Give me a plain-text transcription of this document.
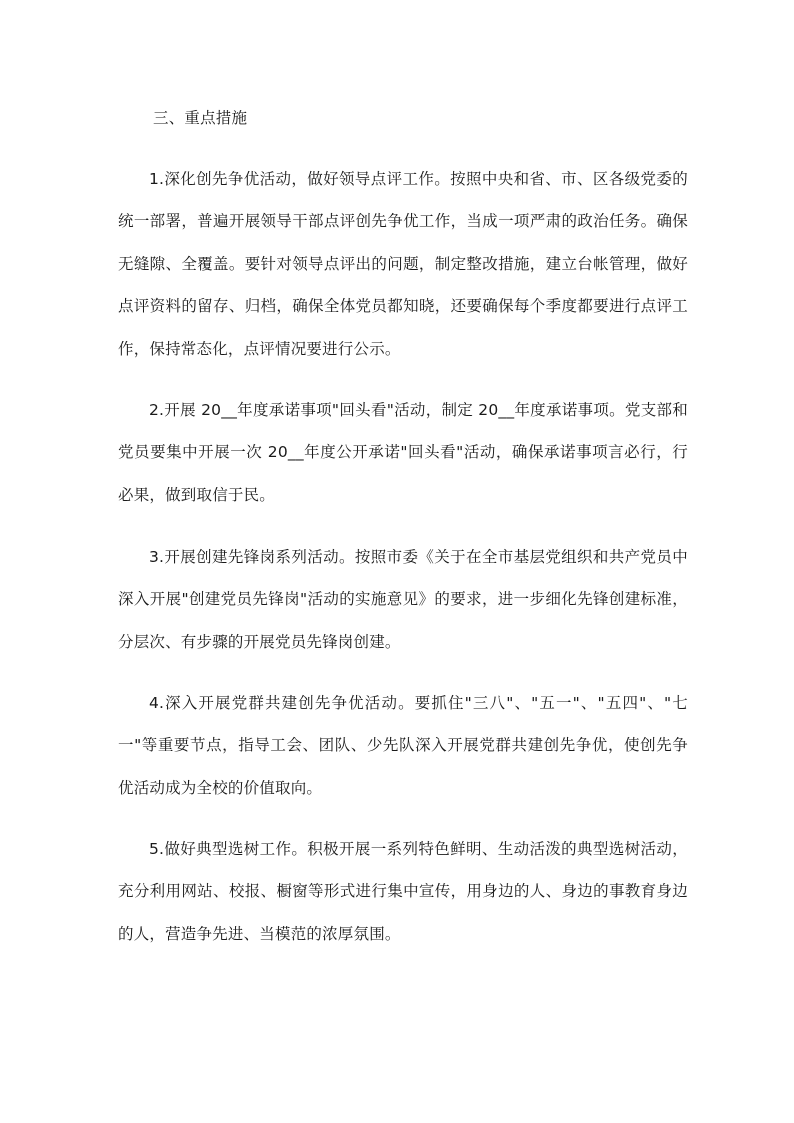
三、重点措施

1.深化创先争优活动，做好领导点评工作。按照中央和省、市、区各级党委的统一部署，普遍开展领导干部点评创先争优工作，当成一项严肃的政治任务。确保无缝隙、全覆盖。要针对领导点评出的问题，制定整改措施，建立台帐管理，做好点评资料的留存、归档，确保全体党员都知晓，还要确保每个季度都要进行点评工作，保持常态化，点评情况要进行公示。

2.开展 20__年度承诺事项"回头看"活动，制定 20__年度承诺事项。党支部和党员要集中开展一次 20__年度公开承诺"回头看"活动，确保承诺事项言必行，行必果，做到取信于民。

3.开展创建先锋岗系列活动。按照市委《关于在全市基层党组织和共产党员中深入开展"创建党员先锋岗"活动的实施意见》的要求，进一步细化先锋创建标准，分层次、有步骤的开展党员先锋岗创建。

4.深入开展党群共建创先争优活动。要抓住"三八"、"五一"、"五四"、"七一"等重要节点，指导工会、团队、少先队深入开展党群共建创先争优，使创先争优活动成为全校的价值取向。

5.做好典型选树工作。积极开展一系列特色鲜明、生动活泼的典型选树活动，充分利用网站、校报、橱窗等形式进行集中宣传，用身边的人、身边的事教育身边的人，营造争先进、当模范的浓厚氛围。
